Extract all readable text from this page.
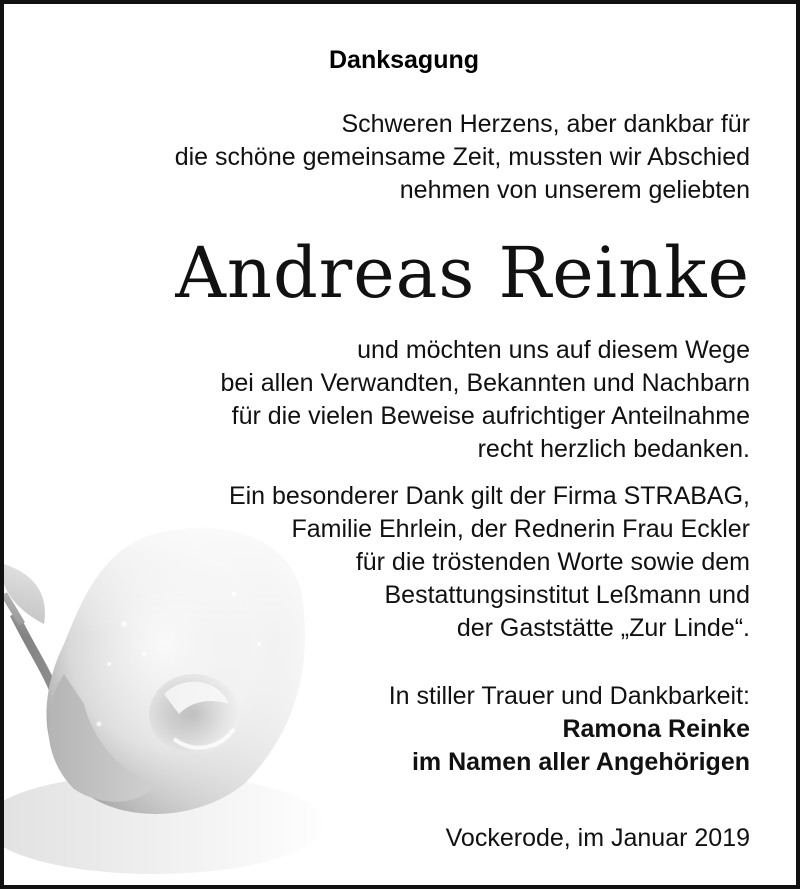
Danksagung
Schweren Herzens, aber dankbar für
die schöne gemeinsame Zeit, mussten wir Abschied
nehmen von unserem geliebten
Andreas Reinke
und möchten uns auf diesem Wege
bei allen Verwandten, Bekannten und Nachbarn
für die vielen Beweise aufrichtiger Anteilnahme
recht herzlich bedanken.
Ein besonderer Dank gilt der Firma STRABAG,
Familie Ehrlein, der Rednerin Frau Eckler
für die tröstenden Worte sowie dem
Bestattungsinstitut Leßmann und
der Gaststätte „Zur Linde“.
In stiller Trauer und Dankbarkeit:
Ramona Reinke
im Namen aller Angehörigen
Vockerode, im Januar 2019
